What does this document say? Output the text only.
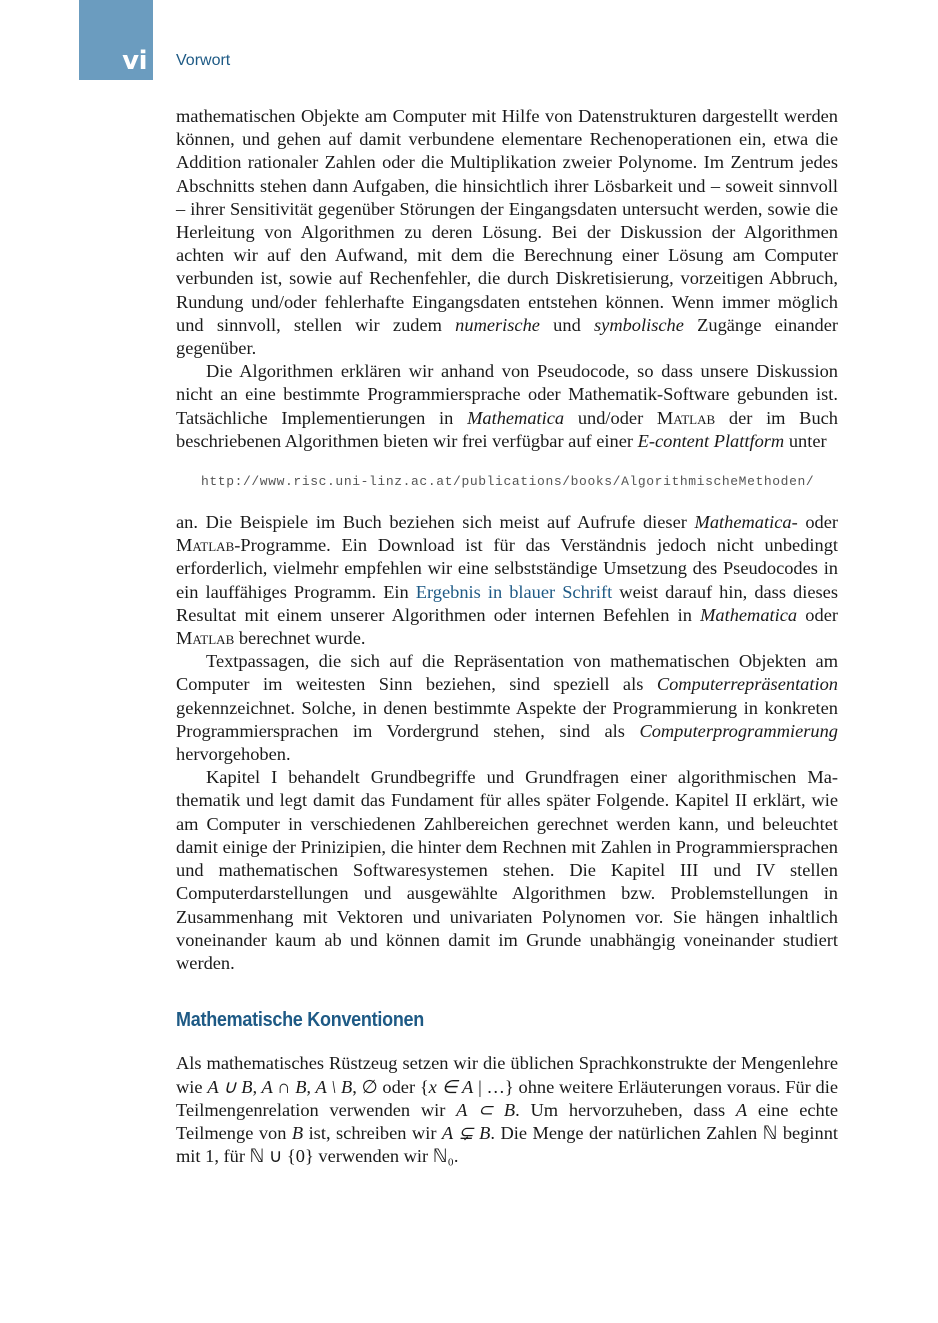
vi Vorwort

mathematischen Objekte am Computer mit Hilfe von Datenstrukturen dargestellt werden können, und gehen auf damit verbundene elementare Rechenoperationen ein, etwa die Addition rationaler Zahlen oder die Multiplikation zweier Polynome. Im Zentrum jedes Abschnitts stehen dann Aufgaben, die hinsichtlich ihrer Lösbarkeit und – soweit sinnvoll – ihrer Sensitivität gegenüber Störungen der Eingangsdaten untersucht werden, sowie die Herleitung von Algorithmen zu deren Lösung. Bei der Diskussion der Algorithmen achten wir auf den Aufwand, mit dem die Berechnung einer Lösung am Computer verbunden ist, sowie auf Rechenfehler, die durch Diskretisierung, vorzeitigen Abbruch, Rundung und/oder fehlerhafte Eingangsdaten entstehen können. Wenn immer möglich und sinnvoll, stellen wir zudem numerische und symbolische Zugänge einander gegenüber.

Die Algorithmen erklären wir anhand von Pseudocode, so dass unsere Diskussion nicht an eine bestimmte Programmiersprache oder Mathematik-Software gebunden ist. Tatsächliche Implementierungen in Mathematica und/oder Matlab der im Buch beschriebenen Algorithmen bieten wir frei verfügbar auf einer E-content Plattform unter

http://www.risc.uni-linz.ac.at/publications/books/AlgorithmischeMethoden/

an. Die Beispiele im Buch beziehen sich meist auf Aufrufe dieser Mathematica- oder Matlab-Programme. Ein Download ist für das Verständnis jedoch nicht unbedingt erforderlich, vielmehr empfehlen wir eine selbstständige Umsetzung des Pseudocodes in ein lauffähiges Programm. Ein Ergebnis in blauer Schrift weist darauf hin, dass dieses Resultat mit einem unserer Algorithmen oder internen Befehlen in Mathematica oder Matlab berechnet wurde.

Textpassagen, die sich auf die Repräsentation von mathematischen Objekten am Computer im weitesten Sinn beziehen, sind speziell als Computerrepräsentation gekennzeichnet. Solche, in denen bestimmte Aspekte der Programmierung in konkreten Programmiersprachen im Vordergrund stehen, sind als Computerprogrammierung hervorgehoben.

Kapitel I behandelt Grundbegriffe und Grundfragen einer algorithmischen Mathematik und legt damit das Fundament für alles später Folgende. Kapitel II erklärt, wie am Computer in verschiedenen Zahlbereichen gerechnet werden kann, und beleuchtet damit einige der Prinizipien, die hinter dem Rechnen mit Zahlen in Programmiersprachen und mathematischen Softwaresystemen stehen. Die Kapitel III und IV stellen Computerdarstellungen und ausgewählte Algorithmen bzw. Problemstellungen in Zusammenhang mit Vektoren und univariaten Polynomen vor. Sie hängen inhaltlich voneinander kaum ab und können damit im Grunde unabhängig voneinander studiert werden.

Mathematische Konventionen

Als mathematisches Rüstzeug setzen wir die üblichen Sprachkonstrukte der Mengenlehre wie A ∪ B, A ∩ B, A \ B, ∅ oder {x ∈ A | …} ohne weitere Erläuterungen voraus. Für die Teilmengenrelation verwenden wir A ⊂ B. Um hervorzuheben, dass A eine echte Teilmenge von B ist, schreiben wir A ⊊ B. Die Menge der natürlichen Zahlen ℕ beginnt mit 1, für ℕ ∪ {0} verwenden wir ℕ₀.
